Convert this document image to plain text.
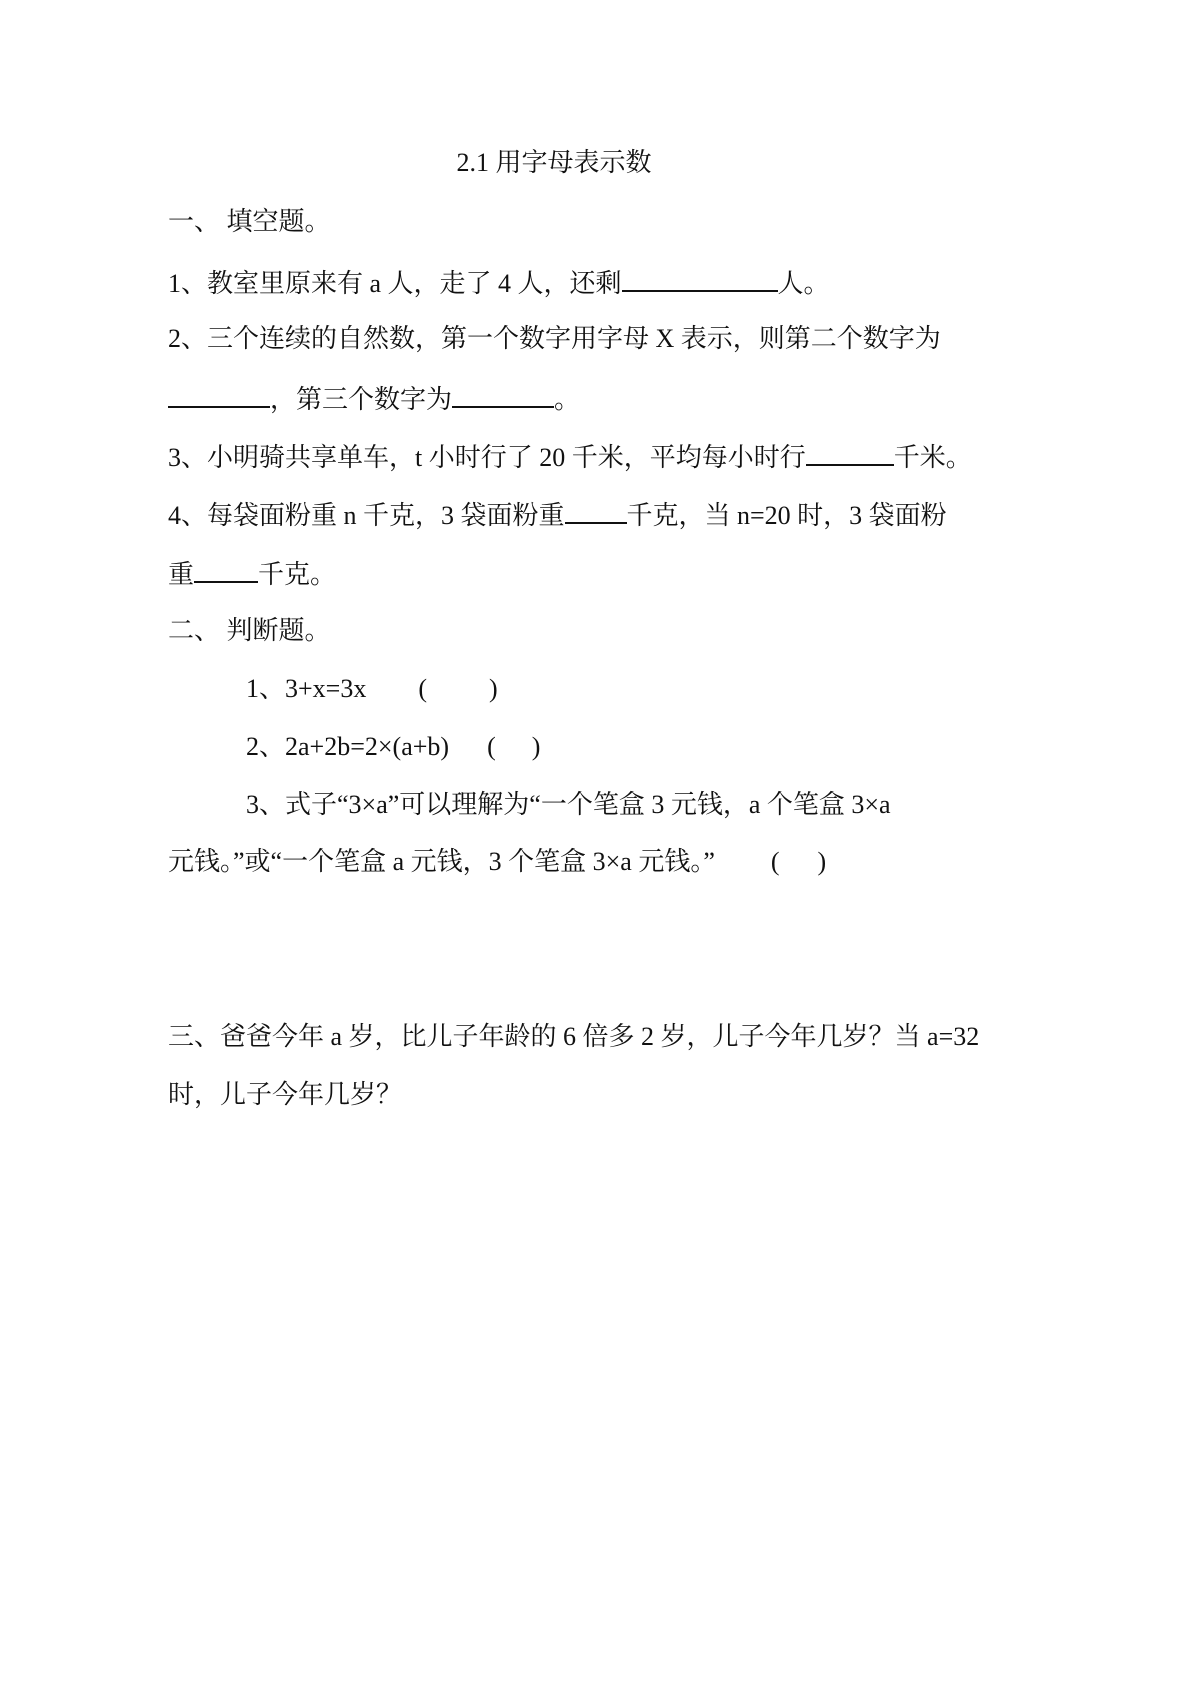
2.1 用字母表示数
一、 填空题。
1、教室里原来有 a 人，走了 4 人，还剩	人。
2、三个连续的自然数，第一个数字用字母 X 表示，则第二个数字为
，第三个数字为	。
3、小明骑共享单车，t 小时行了 20 千米，平均每小时行	千米。
4、每袋面粉重 n 千克，3 袋面粉重 千克，当 n=20 时，3 袋面粉
重 千克。
二、 判断题。
1、3+x=3x ( )
2、2a+2b=2×(a+b) ( )
3、式子“3×a”可以理解为“一个笔盒 3 元钱，a 个笔盒 3×a
元钱。”或“一个笔盒 a 元钱，3 个笔盒 3×a 元钱。” ( )
三、爸爸今年 a 岁，比儿子年龄的 6 倍多 2 岁，儿子今年几岁？当 a=32
时，儿子今年几岁？
